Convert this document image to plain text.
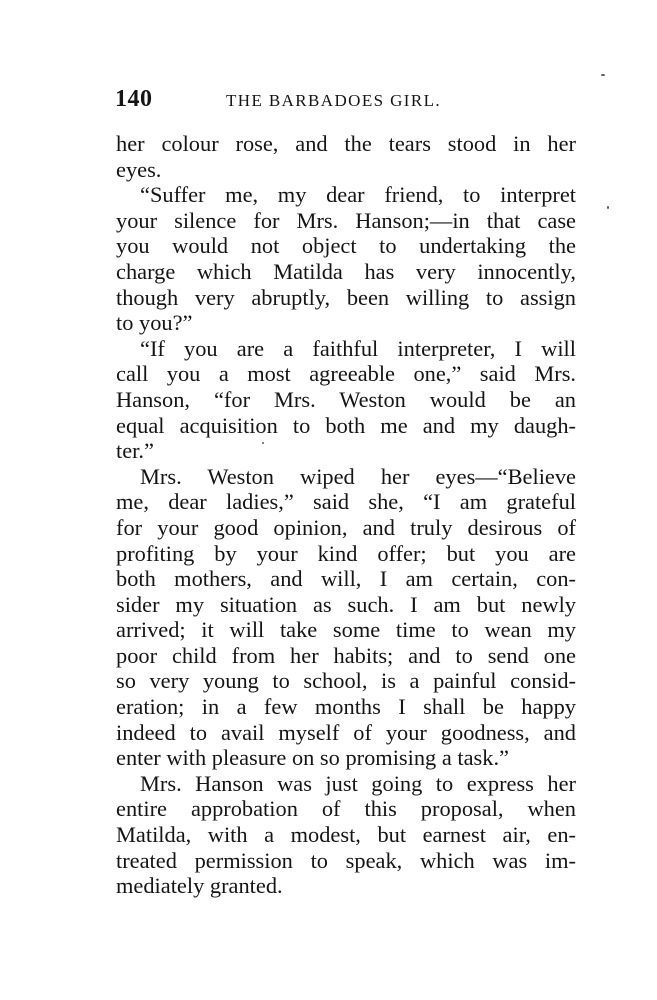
140	THE BARBADOES GIRL.
her colour rose, and the tears stood in her
eyes.
“Suffer me, my dear friend, to interpret
your silence for Mrs. Hanson;—in that case
you would not object to undertaking the
charge which Matilda has very innocently,
though very abruptly, been willing to assign
to you?”
“If you are a faithful interpreter, I will
call you a most agreeable one,” said Mrs.
Hanson, “for Mrs. Weston would be an
equal acquisition to both me and my daugh-
ter.”
Mrs. Weston wiped her eyes—“Believe
me, dear ladies,” said she, “I am grateful
for your good opinion, and truly desirous of
profiting by your kind offer; but you are
both mothers, and will, I am certain, con-
sider my situation as such. I am but newly
arrived; it will take some time to wean my
poor child from her habits; and to send one
so very young to school, is a painful consid-
eration; in a few months I shall be happy
indeed to avail myself of your goodness, and
enter with pleasure on so promising a task.”
Mrs. Hanson was just going to express her
entire approbation of this proposal, when
Matilda, with a modest, but earnest air, en-
treated permission to speak, which was im-
mediately granted.
